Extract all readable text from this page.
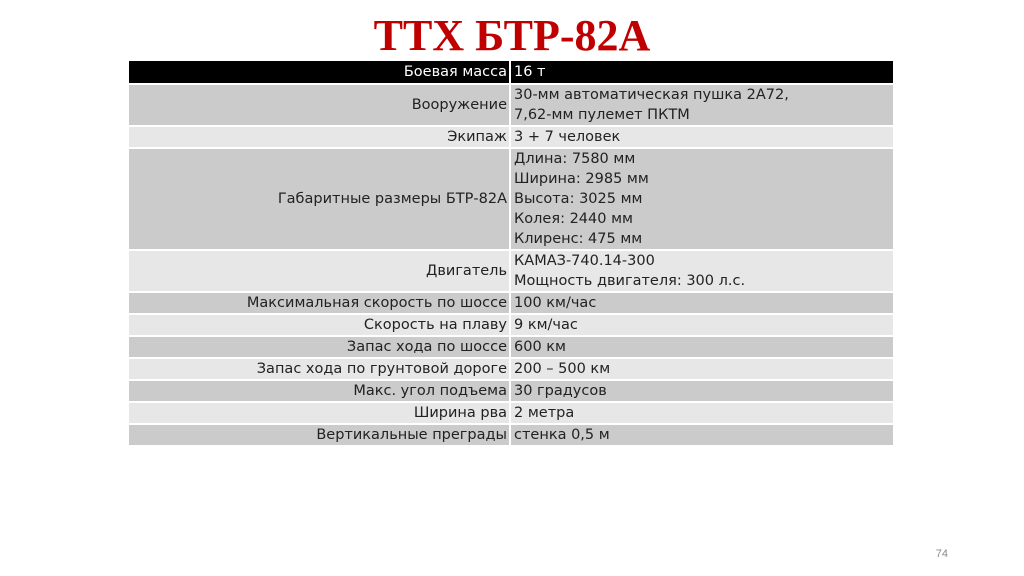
ТТХ БТР-82А
Боевая масса	16 т
Вооружение	30-мм автоматическая пушка 2А72,
7,62-мм пулемет ПКТМ

Экипаж	3 + 7 человек

Габаритные размеры БТР-82А	Длина: 7580 мм
Ширина: 2985 мм
Высота: 3025 мм
Колея: 2440 мм
Клиренс: 475 мм

Двигатель	КАМАЗ-740.14-300
Мощность двигателя: 300 л.с.

Максимальная скорость по шоссе	100 км/час

Скорость на плаву	9 км/час

Запас хода по шоссе	600 км

Запас хода по грунтовой дороге	200 – 500 км

Макс. угол подъема	30 градусов

Ширина рва	2 метра

Вертикальные преграды	стенка 0,5 м
74
